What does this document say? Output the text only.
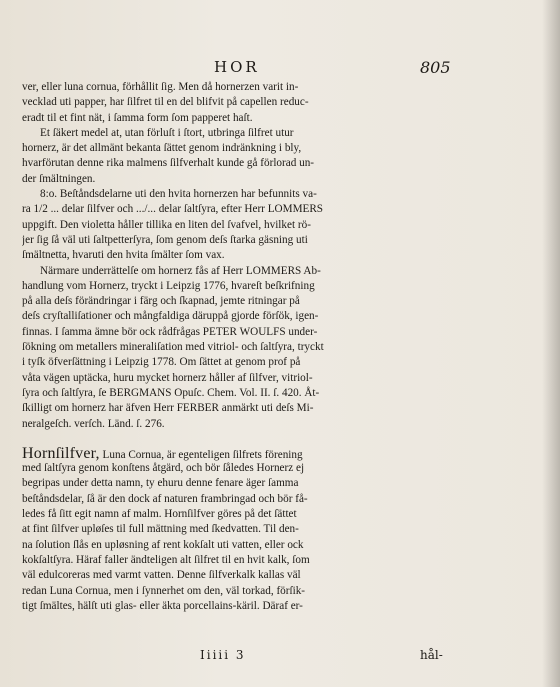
HOR	805
ver, eller luna cornua, förhållit ſig. Men då hornerzen varit in-
vecklad uti papper, har ſilfret til en del blifvit på capellen reduc-
eradt til et fint nät, i ſamma form ſom papperet haſt.
Et ſäkert medel at, utan förluſt i ſtort, utbringa ſilfret utur
hornerz, är det allmänt bekanta ſättet genom indränkning i bly,
hvarförutan denne rika malmens ſilfverhalt kunde gå förlorad un-
der ſmältningen.
8:o. Beſtåndsdelarne uti den hvita hornerzen har befunnits va-
ra 1/2 ... delar ſilfver och .../... delar ſaltſyra, efter Herr LOMMERS
uppgift. Den violetta håller tillika en liten del ſvafvel, hvilket rö-
jer ſig ſå väl uti ſaltpetterſyra, ſom genom deſs ſtarka gäsning uti
ſmältnetta, hvaruti den hvita ſmälter ſom vax.
Närmare underrättelſe om hornerz fås af Herr LOMMERS Ab-
handlung vom Hornerz, tryckt i Leipzig 1776, hvareſt beſkrifning
på alla deſs förändringar i färg och ſkapnad, jemte ritningar på
deſs cryſtalliſationer och mångfaldiga däruppå gjorde förſök, igen-
finnas. I ſamma ämne bör ock rådfrågas PETER WOULFS under-
ſökning om metallers mineraliſation med vitriol- och ſaltſyra, tryckt
i tyſk öfverſättning i Leipzig 1778. Om ſättet at genom prof på
våta vägen uptäcka, huru mycket hornerz håller af ſilfver, vitriol-
ſyra och ſaltſyra, ſe BERGMANS Opuſc. Chem. Vol. II. ſ. 420. Åt-
ſkilligt om hornerz har äfven Herr FERBER anmärkt uti deſs Mi-
neralgeſch. verſch. Länd. ſ. 276.
Hornſilfver, Luna Cornua, är egenteligen ſilfrets förening
med ſaltſyra genom konſtens åtgärd, och bör ſåledes Hornerz ej
begripas under detta namn, ty ehuru denne fenare äger ſamma
beſtåndsdelar, ſå är den dock af naturen frambringad och bör få-
ledes få ſitt egit namn af malm. Hornſilfver göres på det ſättet
at fint ſilfver upløſes til full mättning med ſkedvatten. Til den-
na ſolution ſlås en upløsning af rent kokſalt uti vatten, eller ock
kokſaltſyra. Häraf faller ändteligen alt ſilfret til en hvit kalk, ſom
väl edulcoreras med varmt vatten. Denne ſilfverkalk kallas väl
redan Luna Cornua, men i ſynnerhet om den, väl torkad, förſik-
tigt ſmältes, hälſt uti glas- eller äkta porcellains-käril. Däraf er-
Iiiii 3	hål-
